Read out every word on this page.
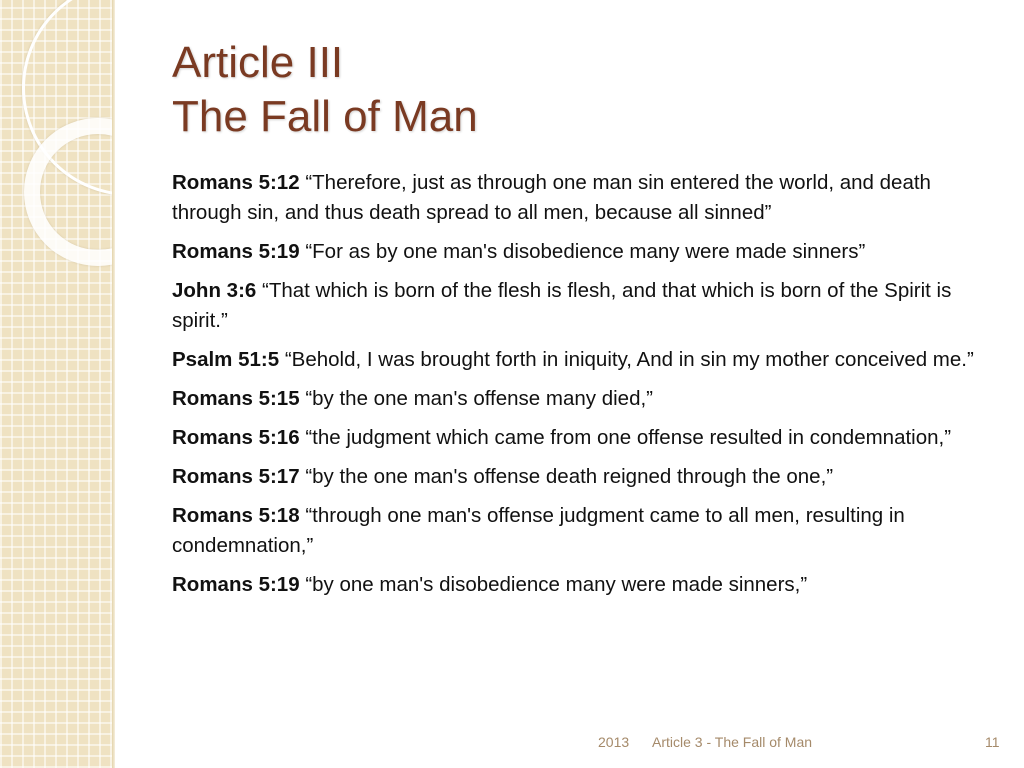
Article III
The Fall of Man
Romans 5:12 “Therefore, just as through one man sin entered the world, and death through sin, and thus death spread to all men, because all sinned”
Romans 5:19 “For as by one man's disobedience many were made sinners”
John 3:6 “That which is born of the flesh is flesh, and that which is born of the Spirit is spirit.”
Psalm 51:5 “Behold, I was brought forth in iniquity, And in sin my mother conceived me.”
Romans 5:15 “by the one man's offense many died,”
Romans 5:16 “the judgment which came from one offense resulted in condemnation,”
Romans 5:17 “by the one man's offense death reigned through the one,”
Romans 5:18 “through one man's offense judgment came to all men, resulting in condemnation,”
Romans 5:19 “by one man's disobedience many were made sinners,”
2013 Article 3 - The Fall of Man	11
